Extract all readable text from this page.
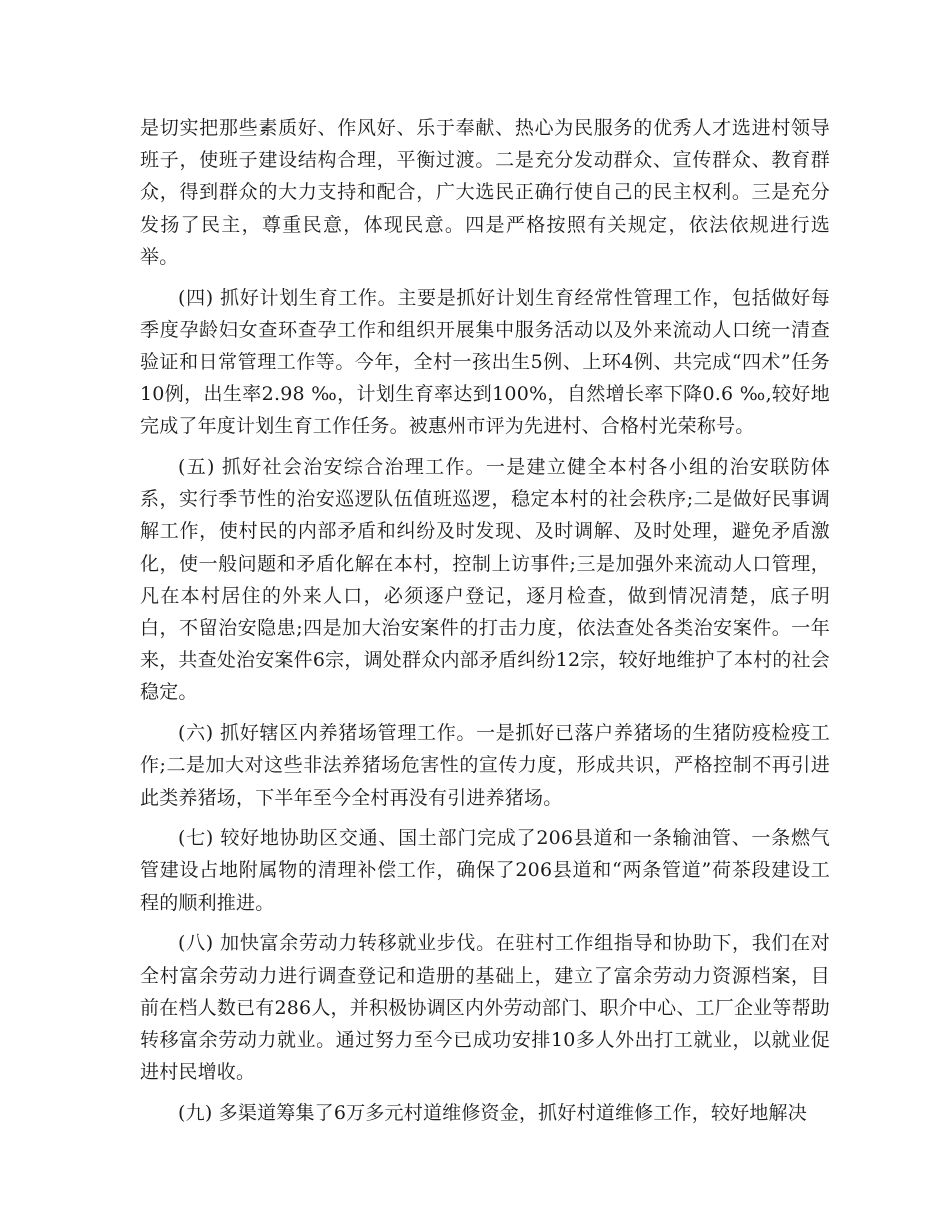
是切实把那些素质好、作风好、乐于奉献、热心为民服务的优秀人才选进村领导班子，使班子建设结构合理，平衡过渡。二是充分发动群众、宣传群众、教育群众，得到群众的大力支持和配合，广大选民正确行使自己的民主权利。三是充分发扬了民主，尊重民意，体现民意。四是严格按照有关规定，依法依规进行选举。

(四) 抓好计划生育工作。主要是抓好计划生育经常性管理工作，包括做好每季度孕龄妇女查环查孕工作和组织开展集中服务活动以及外来流动人口统一清查验证和日常管理工作等。今年，全村一孩出生5例、上环4例、共完成“四术”任务10例，出生率2.98 ‰，计划生育率达到100%，自然增长率下降0.6 ‰,较好地完成了年度计划生育工作任务。被惠州市评为先进村、合格村光荣称号。

(五) 抓好社会治安综合治理工作。一是建立健全本村各小组的治安联防体系，实行季节性的治安巡逻队伍值班巡逻，稳定本村的社会秩序;二是做好民事调解工作，使村民的内部矛盾和纠纷及时发现、及时调解、及时处理，避免矛盾激化，使一般问题和矛盾化解在本村，控制上访事件;三是加强外来流动人口管理，凡在本村居住的外来人口，必须逐户登记，逐月检查，做到情况清楚，底子明白，不留治安隐患;四是加大治安案件的打击力度，依法查处各类治安案件。一年来，共查处治安案件6宗，调处群众内部矛盾纠纷12宗，较好地维护了本村的社会稳定。

(六) 抓好辖区内养猪场管理工作。一是抓好已落户养猪场的生猪防疫检疫工作;二是加大对这些非法养猪场危害性的宣传力度，形成共识，严格控制不再引进此类养猪场，下半年至今全村再没有引进养猪场。

(七) 较好地协助区交通、国土部门完成了206县道和一条输油管、一条燃气管建设占地附属物的清理补偿工作，确保了206县道和“两条管道”荷茶段建设工程的顺利推进。

(八) 加快富余劳动力转移就业步伐。在驻村工作组指导和协助下，我们在对全村富余劳动力进行调查登记和造册的基础上，建立了富余劳动力资源档案，目前在档人数已有286人，并积极协调区内外劳动部门、职介中心、工厂企业等帮助转移富余劳动力就业。通过努力至今已成功安排10多人外出打工就业，以就业促进村民增收。

(九) 多渠道筹集了6万多元村道维修资金，抓好村道维修工作，较好地解决
